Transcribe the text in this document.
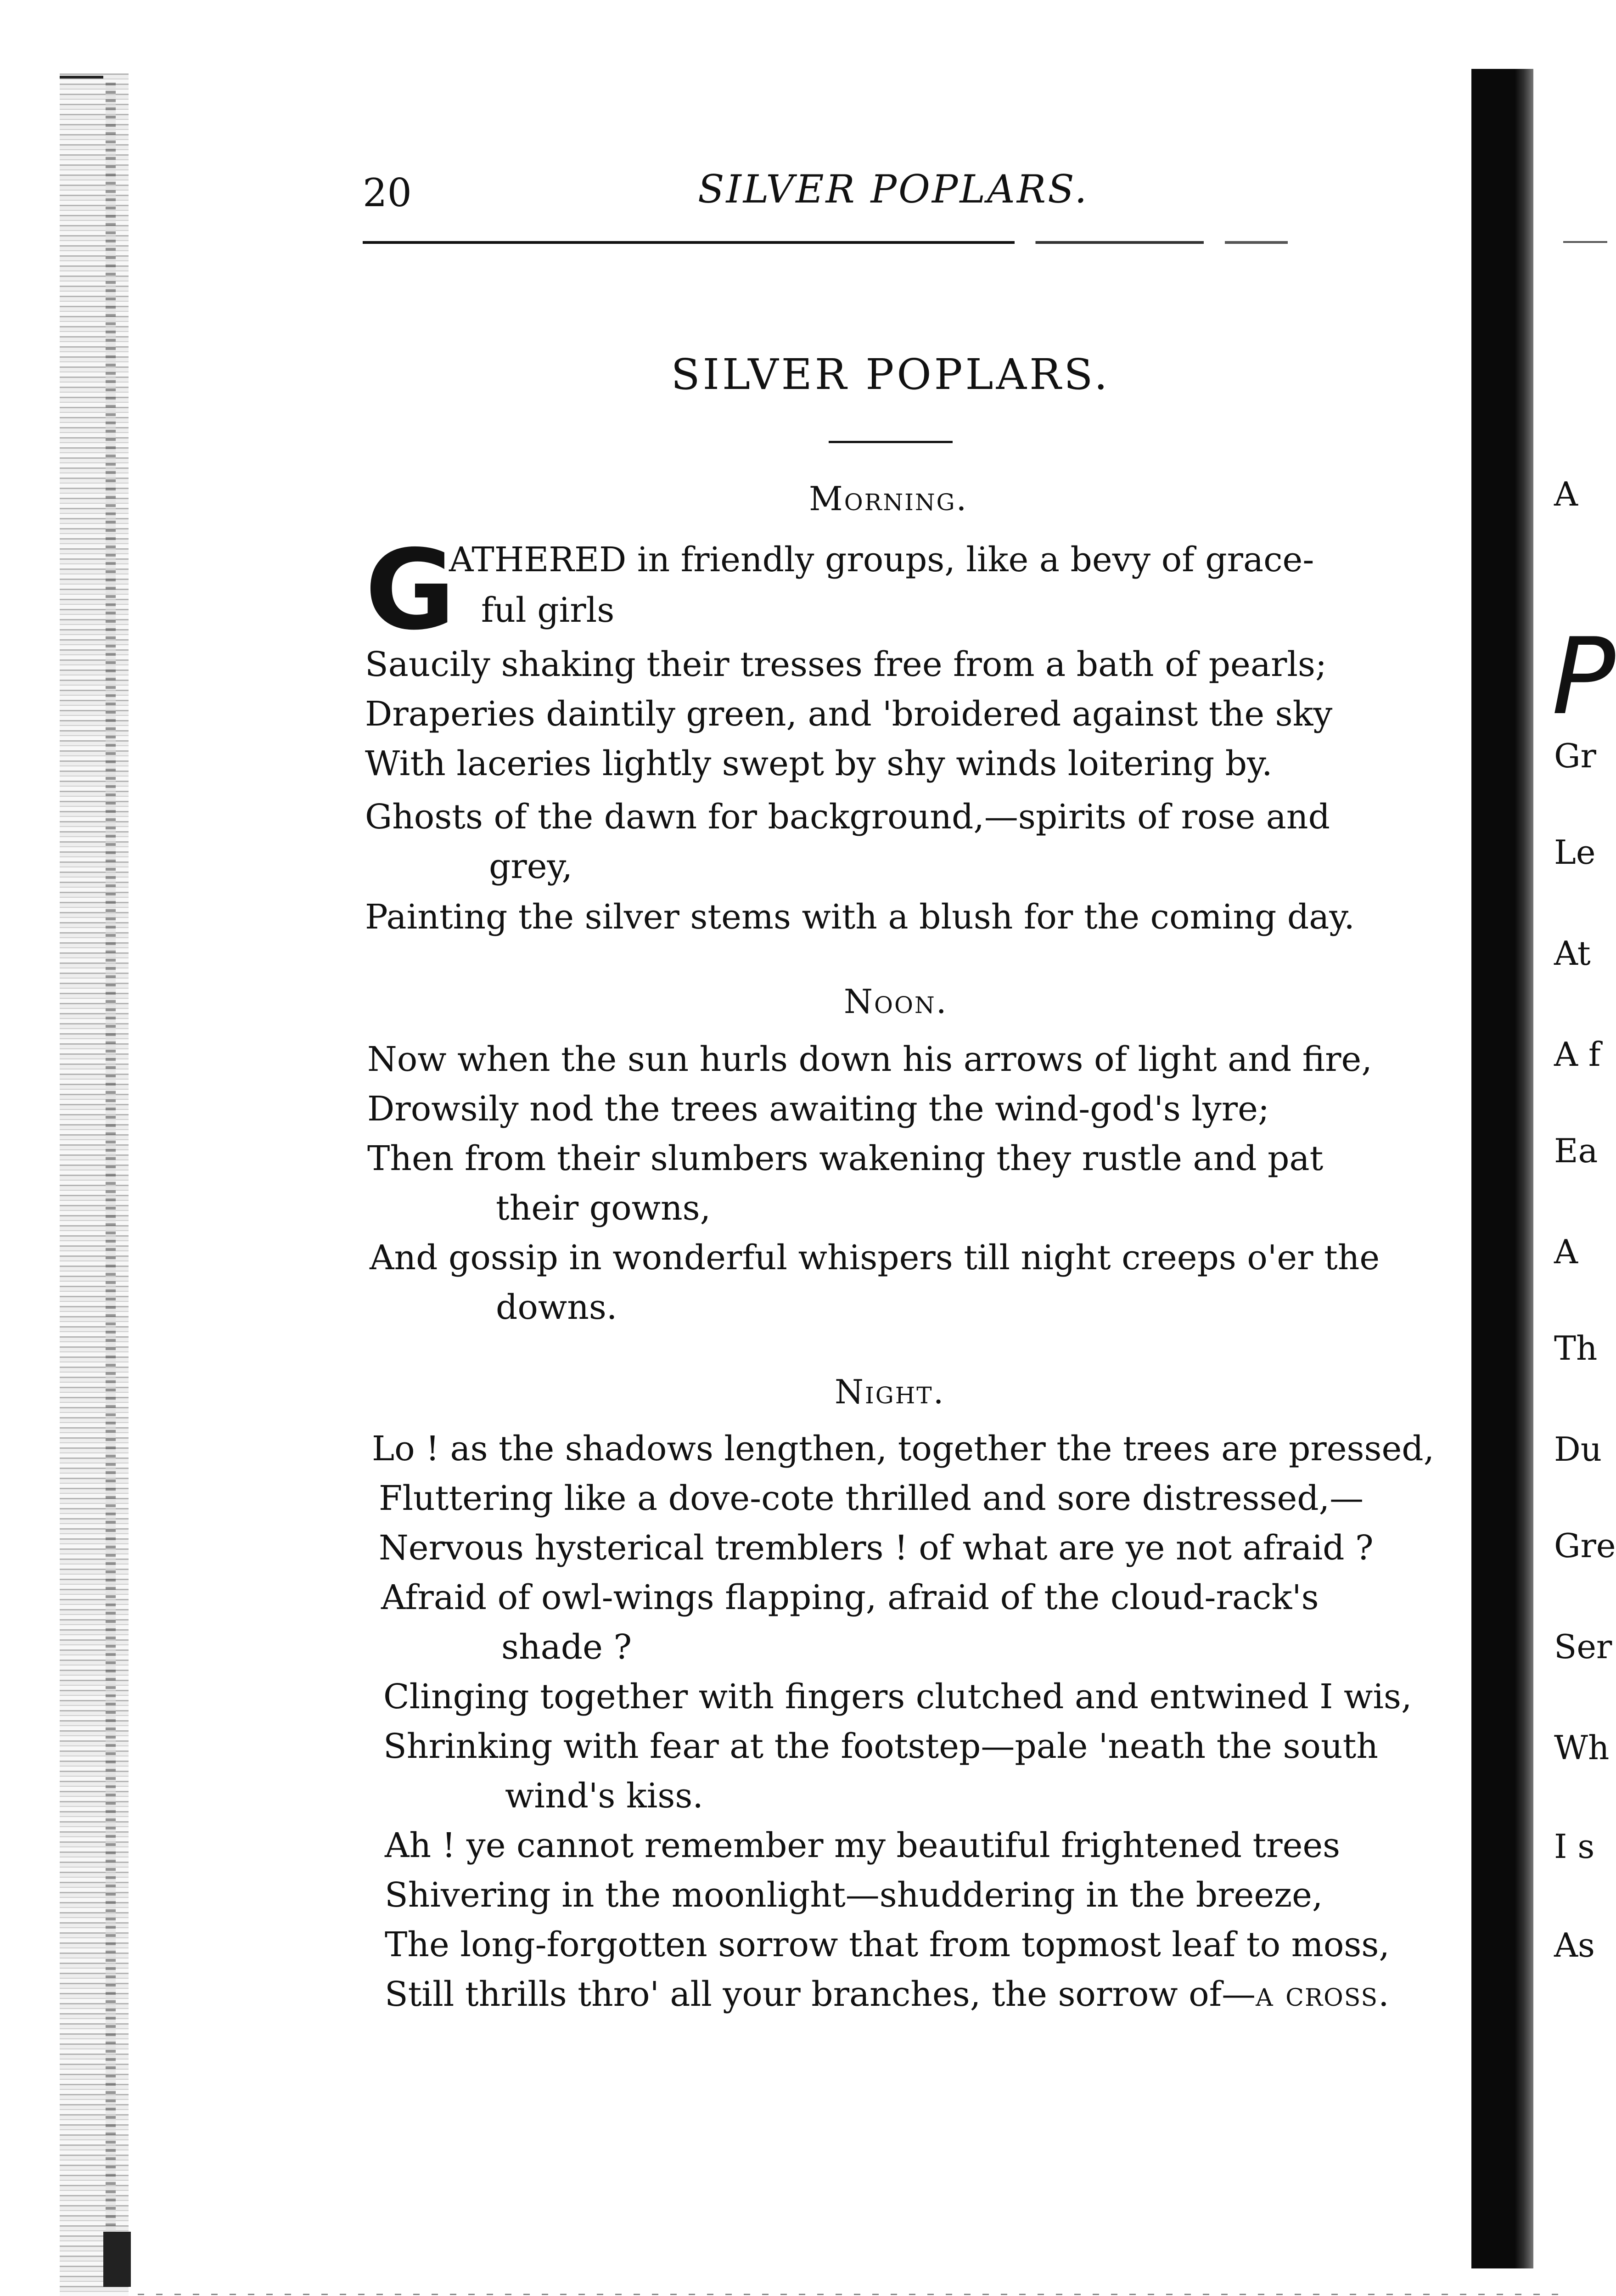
20	SILVER POPLARS.
SILVER POPLARS.
Morning.
G
ATHERED in friendly groups, like a bevy of grace-
ful girls
Saucily shaking their tresses free from a bath of pearls;
Draperies daintily green, and 'broidered against the sky
With laceries lightly swept by shy winds loitering by.
Ghosts of the dawn for background,—spirits of rose and
grey,
Painting the silver stems with a blush for the coming day.
Noon.
Now when the sun hurls down his arrows of light and fire,
Drowsily nod the trees awaiting the wind-god's lyre;
Then from their slumbers wakening they rustle and pat
their gowns,
And gossip in wonderful whispers till night creeps o'er the
downs.
Night.
Lo ! as the shadows lengthen, together the trees are pressed,
Fluttering like a dove-cote thrilled and sore distressed,—
Nervous hysterical tremblers ! of what are ye not afraid ?
Afraid of owl-wings flapping, afraid of the cloud-rack's
shade ?
Clinging together with fingers clutched and entwined I wis,
Shrinking with fear at the footstep—pale 'neath the south
wind's kiss.
Ah ! ye cannot remember my beautiful frightened trees
Shivering in the moonlight—shuddering in the breeze,
The long-forgotten sorrow that from topmost leaf to moss,
Still thrills thro' all your branches, the sorrow of—a cross.
P
A
Gr
Le
At
A f
Ea
A
Th
Du
Gre
Ser
Wh
I s
As
